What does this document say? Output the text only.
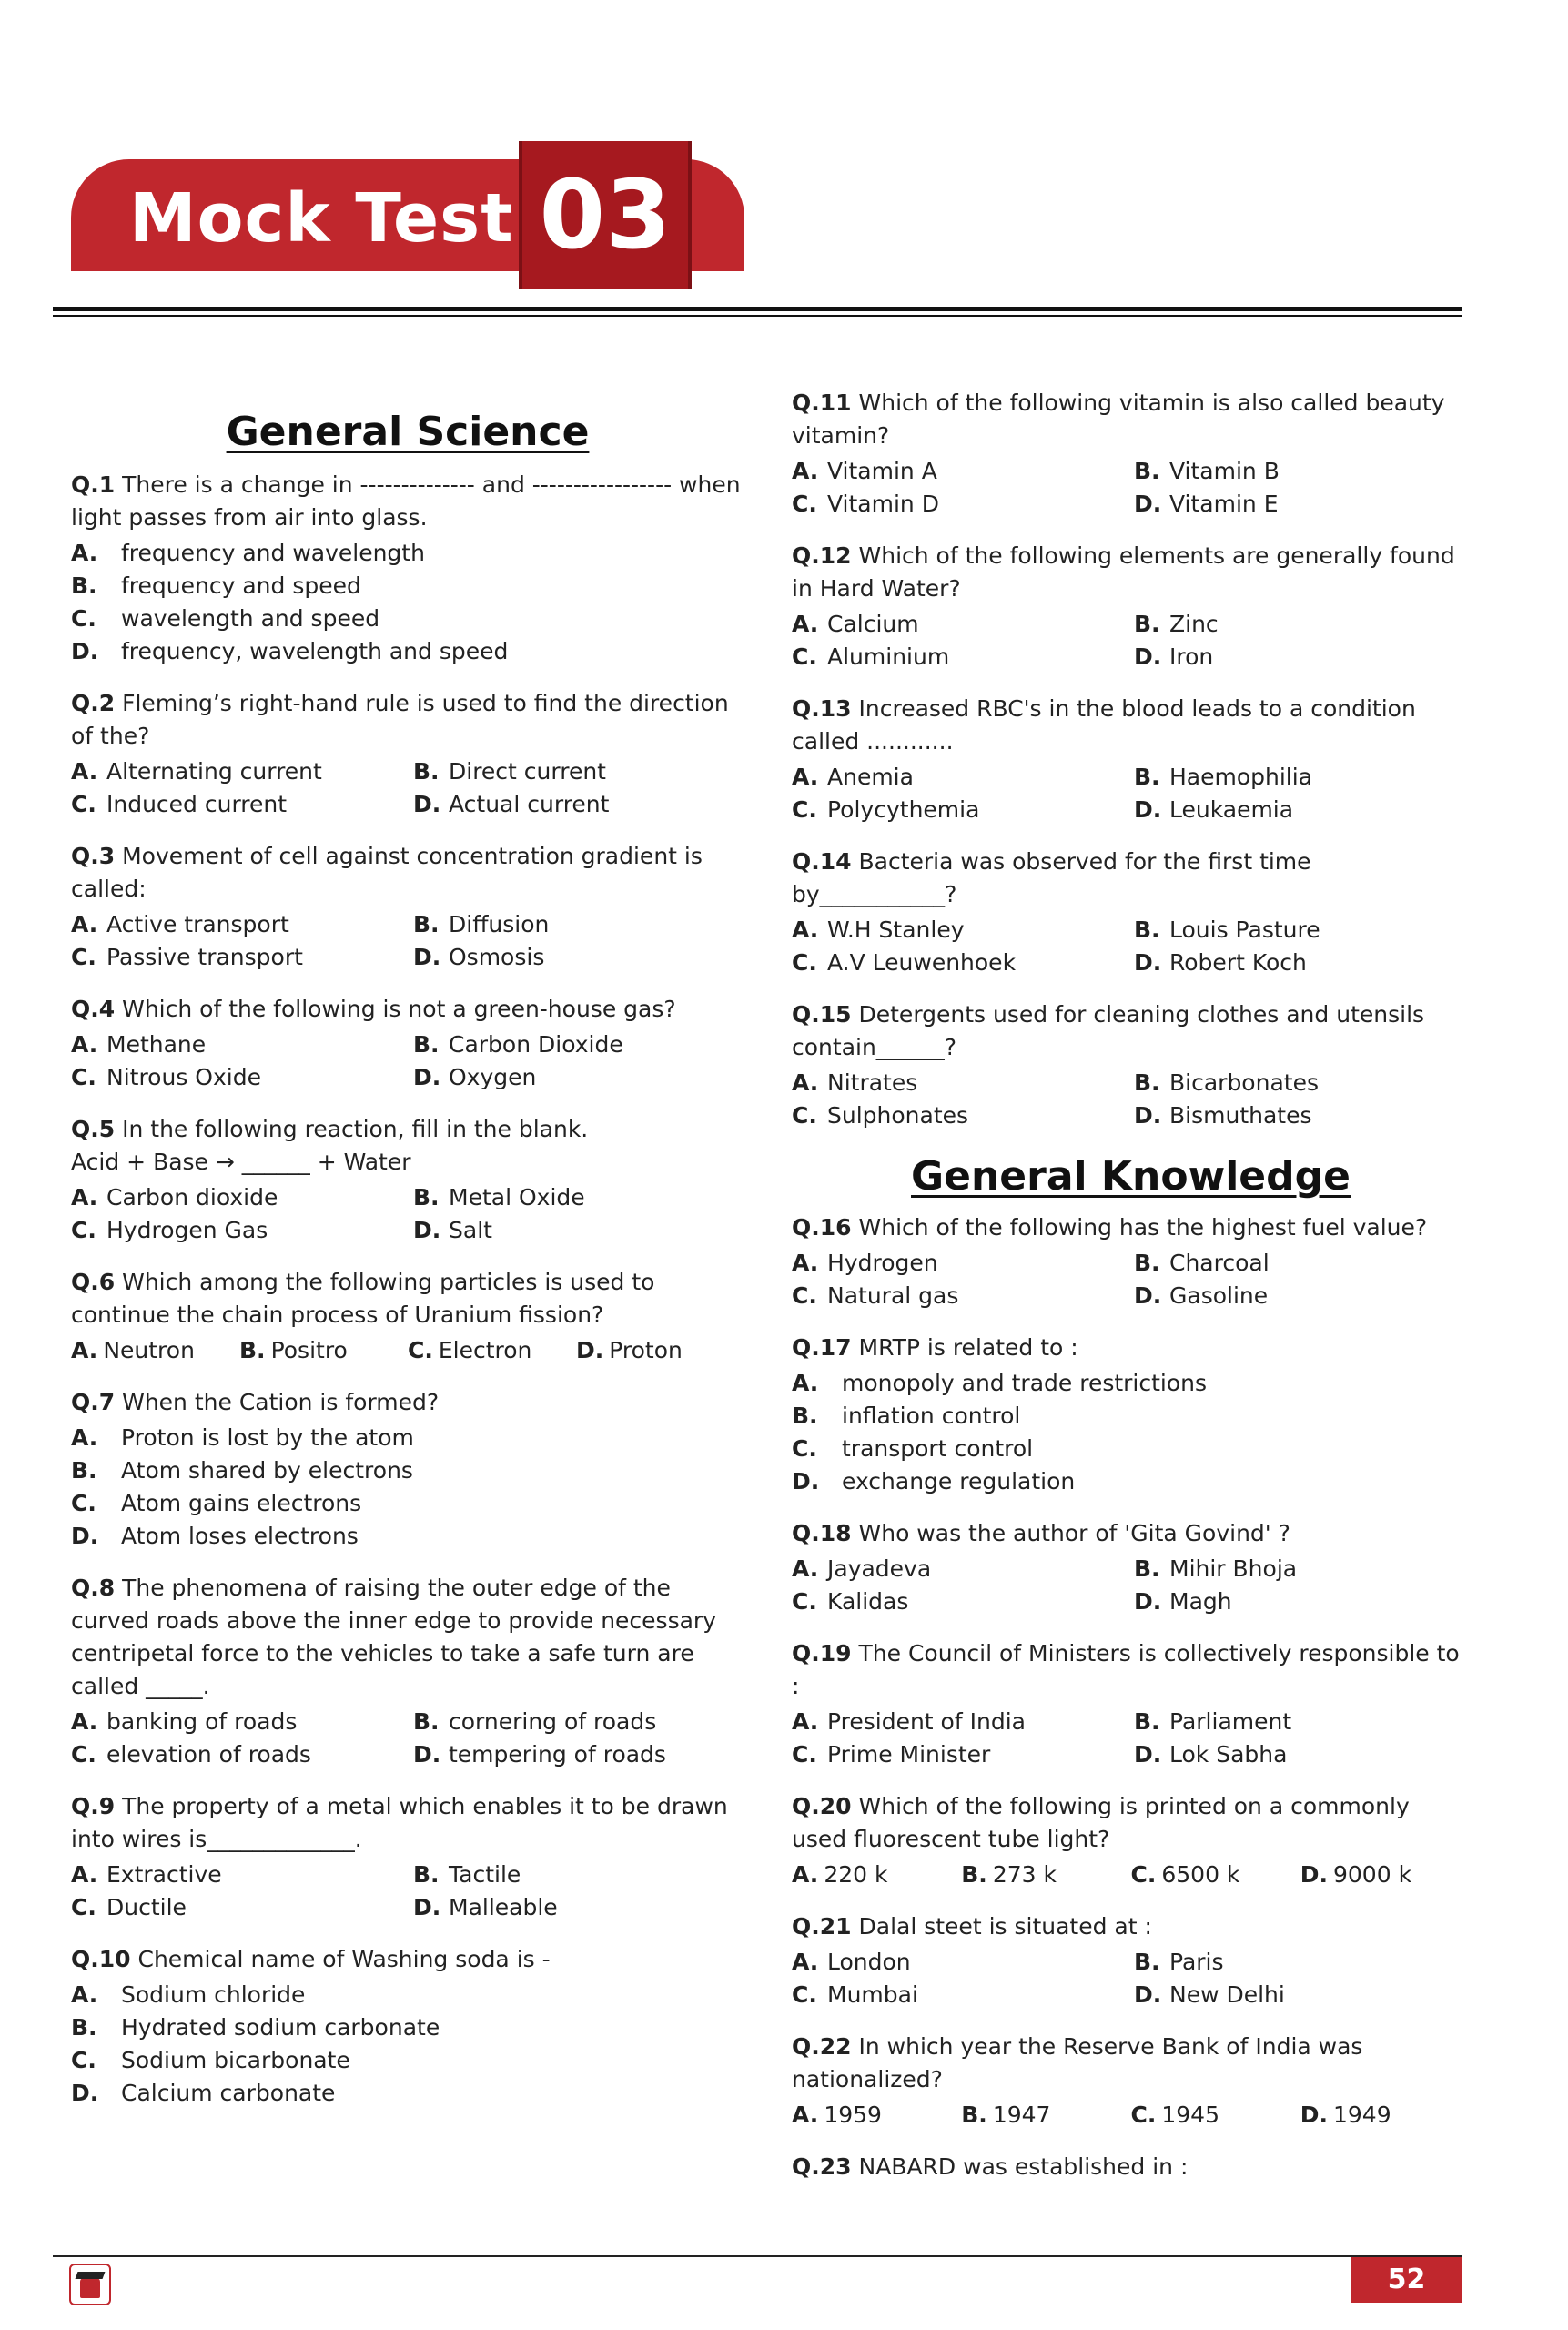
Mock Test 03
General Science
Q.1 There is a change in -------------- and ----------------- when light passes from air into glass.
A. frequency and wavelength
B. frequency and speed
C. wavelength and speed
D. frequency, wavelength and speed
Q.2 Fleming’s right-hand rule is used to find the direction of the?
A. Alternating current	B. Direct current
C. Induced current	D. Actual current
Q.3 Movement of cell against concentration gradient is called:
A. Active transport	B. Diffusion
C. Passive transport	D. Osmosis
Q.4 Which of the following is not a green-house gas?
A. Methane	B. Carbon Dioxide
C. Nitrous Oxide	D. Oxygen
Q.5 In the following reaction, fill in the blank.
Acid + Base → ______ + Water
A. Carbon dioxide	B. Metal Oxide
C. Hydrogen Gas	D. Salt
Q.6 Which among the following particles is used to continue the chain process of Uranium fission?
A. Neutron	B. Positro	C. Electron	D. Proton
Q.7 When the Cation is formed?
A. Proton is lost by the atom
B. Atom shared by electrons
C. Atom gains electrons
D. Atom loses electrons
Q.8 The phenomena of raising the outer edge of the curved roads above the inner edge to provide necessary centripetal force to the vehicles to take a safe turn are called _____.
A. banking of roads	B. cornering of roads
C. elevation of roads	D. tempering of roads
Q.9 The property of a metal which enables it to be drawn into wires is_____________.
A. Extractive	B. Tactile
C. Ductile	D. Malleable
Q.10 Chemical name of Washing soda is -
A. Sodium chloride
B. Hydrated sodium carbonate
C. Sodium bicarbonate
D. Calcium carbonate
Q.11 Which of the following vitamin is also called beauty vitamin?
A. Vitamin A	B. Vitamin B
C. Vitamin D	D. Vitamin E
Q.12 Which of the following elements are generally found in Hard Water?
A. Calcium	B. Zinc
C. Aluminium	D. Iron
Q.13 Increased RBC's in the blood leads to a condition called ............
A. Anemia	B. Haemophilia
C. Polycythemia	D. Leukaemia
Q.14 Bacteria was observed for the first time by___________?
A. W.H Stanley	B. Louis Pasture
C. A.V Leuwenhoek	D. Robert Koch
Q.15 Detergents used for cleaning clothes and utensils contain______?
A. Nitrates	B. Bicarbonates
C. Sulphonates	D. Bismuthates
General Knowledge
Q.16 Which of the following has the highest fuel value?
A. Hydrogen	B. Charcoal
C. Natural gas	D. Gasoline
Q.17 MRTP is related to :
A. monopoly and trade restrictions
B. inflation control
C. transport control
D. exchange regulation
Q.18 Who was the author of 'Gita Govind' ?
A. Jayadeva	B. Mihir Bhoja
C. Kalidas	D. Magh
Q.19 The Council of Ministers is collectively responsible to :
A. President of India	B. Parliament
C. Prime Minister	D. Lok Sabha
Q.20 Which of the following is printed on a commonly used fluorescent tube light?
A. 220 k	B. 273 k	C. 6500 k	D. 9000 k
Q.21 Dalal steet is situated at :
A. London	B. Paris
C. Mumbai	D. New Delhi
Q.22 In which year the Reserve Bank of India was nationalized?
A. 1959	B. 1947	C. 1945	D. 1949
Q.23 NABARD was established in :
52
